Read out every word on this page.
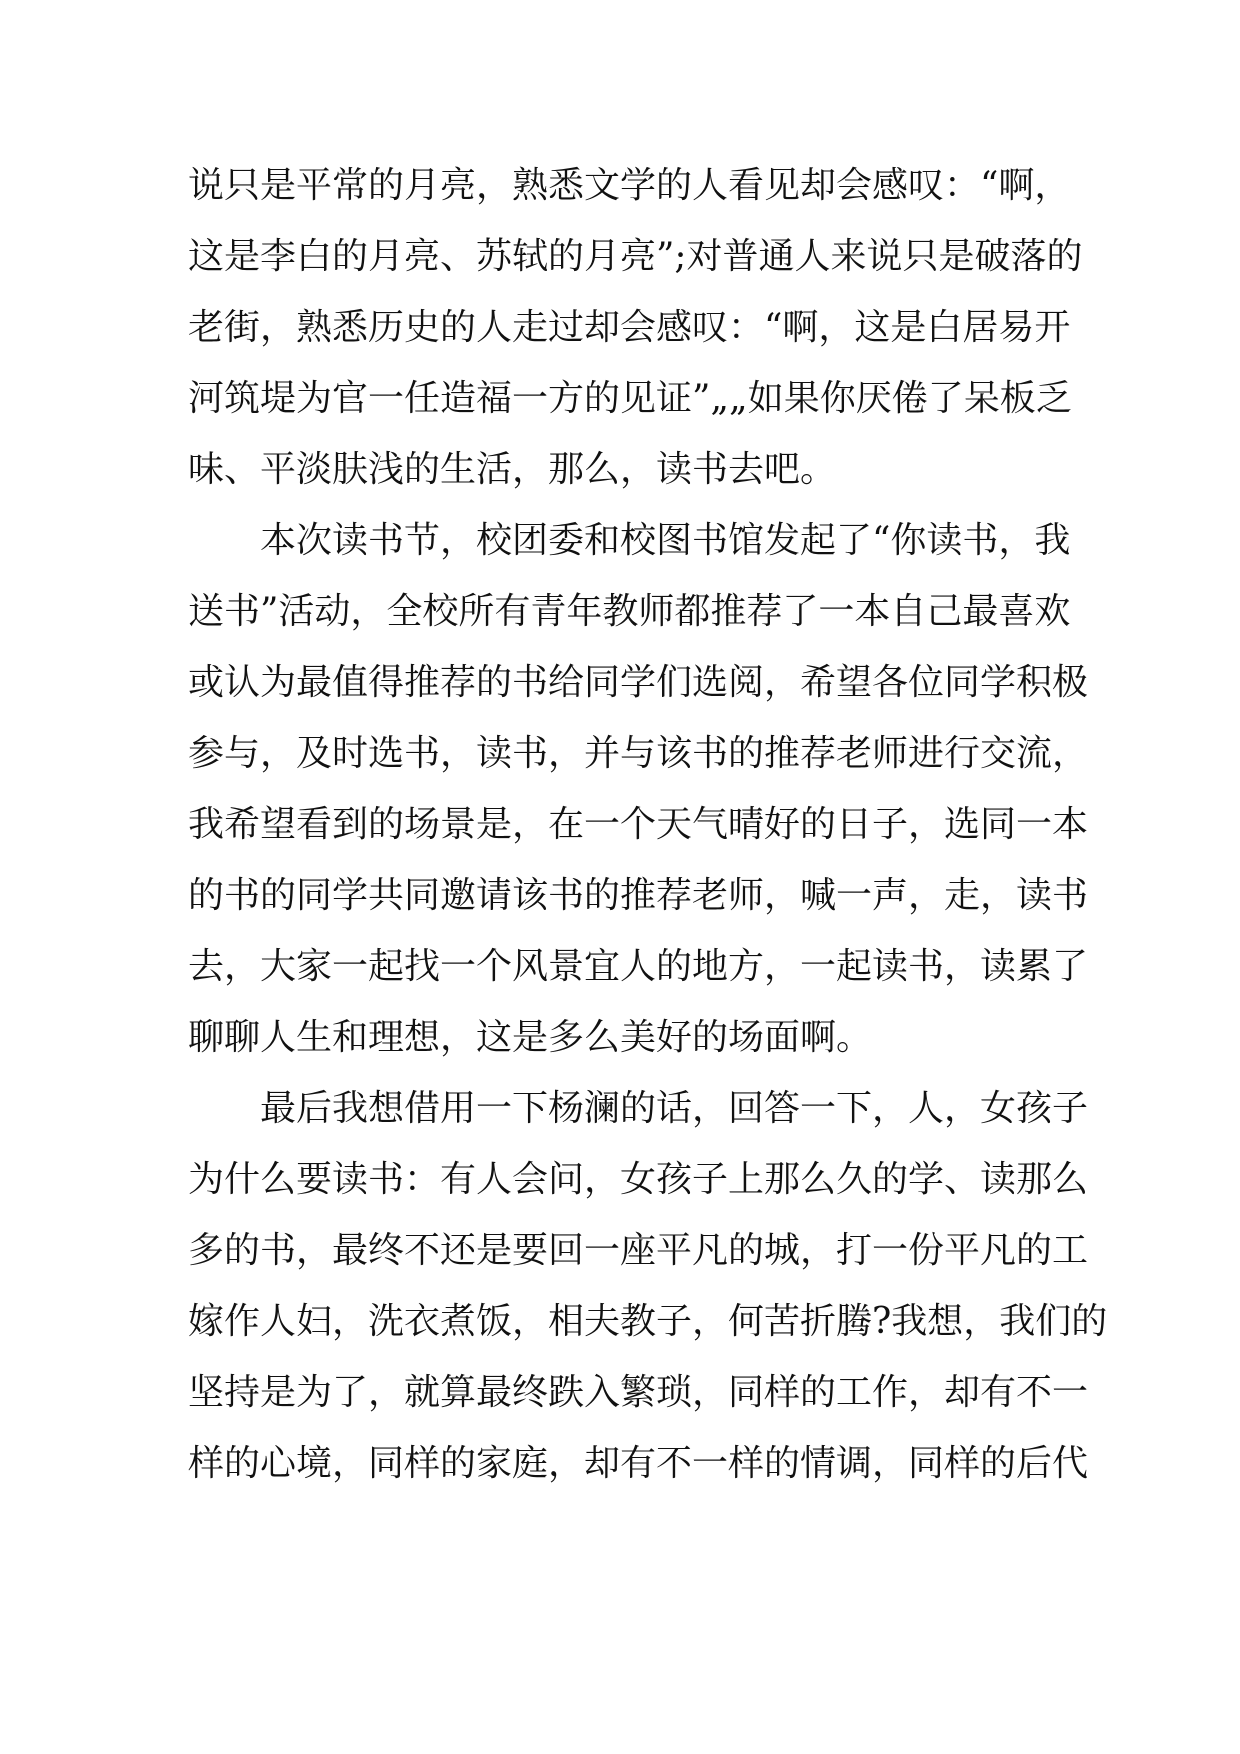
说只是平常的月亮，熟悉文学的人看见却会感叹：“啊，
这是李白的月亮、苏轼的月亮”;对普通人来说只是破落的
老街，熟悉历史的人走过却会感叹：“啊，这是白居易开
河筑堤为官一任造福一方的见证”„„如果你厌倦了呆板乏
味、平淡肤浅的生活，那么，读书去吧。
本次读书节，校团委和校图书馆发起了“你读书，我
送书”活动，全校所有青年教师都推荐了一本自己最喜欢
或认为最值得推荐的书给同学们选阅，希望各位同学积极
参与，及时选书，读书，并与该书的推荐老师进行交流，
我希望看到的场景是，在一个天气晴好的日子，选同一本
的书的同学共同邀请该书的推荐老师，喊一声，走，读书
去，大家一起找一个风景宜人的地方，一起读书，读累了
聊聊人生和理想，这是多么美好的场面啊。
最后我想借用一下杨澜的话，回答一下，人，女孩子
为什么要读书：有人会问，女孩子上那么久的学、读那么
多的书，最终不还是要回一座平凡的城，打一份平凡的工
嫁作人妇，洗衣煮饭，相夫教子，何苦折腾?我想，我们的
坚持是为了，就算最终跌入繁琐，同样的工作，却有不一
样的心境，同样的家庭，却有不一样的情调，同样的后代
